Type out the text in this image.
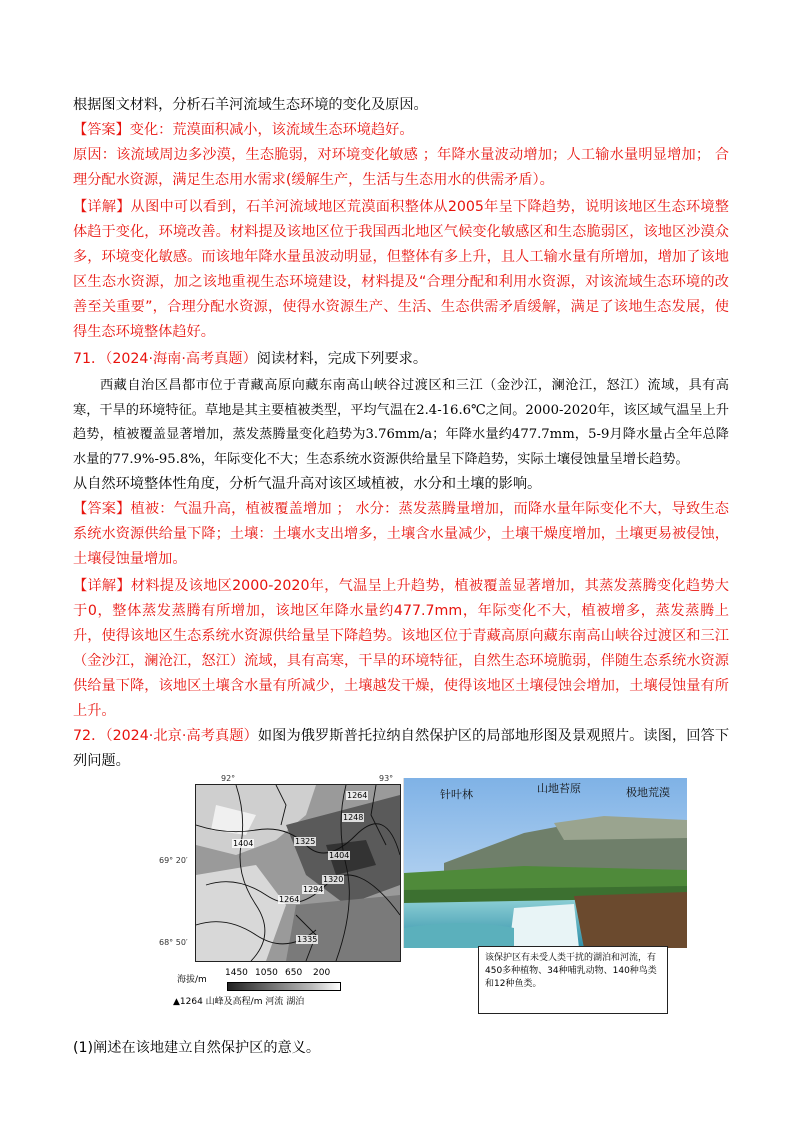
根据图文材料，分析石羊河流域生态环境的变化及原因。

【答案】变化：荒漠面积减小，该流域生态环境趋好。

原因：该流域周边多沙漠，生态脆弱，对环境变化敏感 ；年降水量波动增加；人工输水量明显增加； 合理分配水资源，满足生态用水需求(缓解生产，生活与生态用水的供需矛盾）。

【详解】从图中可以看到，石羊河流域地区荒漠面积整体从2005年呈下降趋势，说明该地区生态环境整体趋于变化，环境改善。材料提及该地区位于我国西北地区气候变化敏感区和生态脆弱区，该地区沙漠众多，环境变化敏感。而该地年降水量虽波动明显，但整体有多上升，且人工输水量有所增加，增加了该地区生态水资源，加之该地重视生态环境建设，材料提及“合理分配和利用水资源，对该流域生态环境的改善至关重要”，合理分配水资源，使得水资源生产、生活、生态供需矛盾缓解，满足了该地生态发展，使得生态环境整体趋好。

71．（2024·海南·高考真题）阅读材料，完成下列要求。

西藏自治区昌都市位于青藏高原向藏东南高山峡谷过渡区和三江（金沙江，澜沧江，怒江）流域，具有高寒，干旱的环境特征。草地是其主要植被类型，平均气温在2.4-16.6℃之间。2000-2020年，该区域气温呈上升趋势，植被覆盖显著增加，蒸发蒸腾量变化趋势为3.76mm/a；年降水量约477.7mm，5-9月降水量占全年总降水量的77.9%-95.8%，年际变化不大；生态系统水资源供给量呈下降趋势，实际土壤侵蚀量呈增长趋势。

从自然环境整体性角度，分析气温升高对该区域植被，水分和土壤的影响。

【答案】植被：气温升高，植被覆盖增加 ； 水分：蒸发蒸腾量增加，而降水量年际变化不大，导致生态系统水资源供给量下降；土壤：土壤水支出增多，土壤含水量减少，土壤干燥度增加，土壤更易被侵蚀，土壤侵蚀量增加。

【详解】材料提及该地区2000-2020年，气温呈上升趋势，植被覆盖显著增加，其蒸发蒸腾变化趋势大于0，整体蒸发蒸腾有所增加，该地区年降水量约477.7mm，年际变化不大，植被增多，蒸发蒸腾上升，使得该地区生态系统水资源供给量呈下降趋势。该地区位于青藏高原向藏东南高山峡谷过渡区和三江（金沙江，澜沧江，怒江）流域，具有高寒，干旱的环境特征，自然生态环境脆弱，伴随生态系统水资源供给量下降，该地区土壤含水量有所减少，土壤越发干燥，使得该地区土壤侵蚀会增加，土壤侵蚀量有所上升。

72．（2024·北京·高考真题）如图为俄罗斯普托拉纳自然保护区的局部地形图及景观照片。读图，回答下列问题。

92°	93°
69° 20′
68° 50′
1264
1248
1404	1325
1404
1320
1294
1264
1335
海拔/m
1450 1050 650 200
▲1264 山峰及高程/m 河流 湖泊
针叶林	山地苔原	极地荒漠
该保护区有未受人类干扰的湖泊和河流，有450多种植物、34种哺乳动物、140种鸟类和12种鱼类。

(1)阐述在该地建立自然保护区的意义。
